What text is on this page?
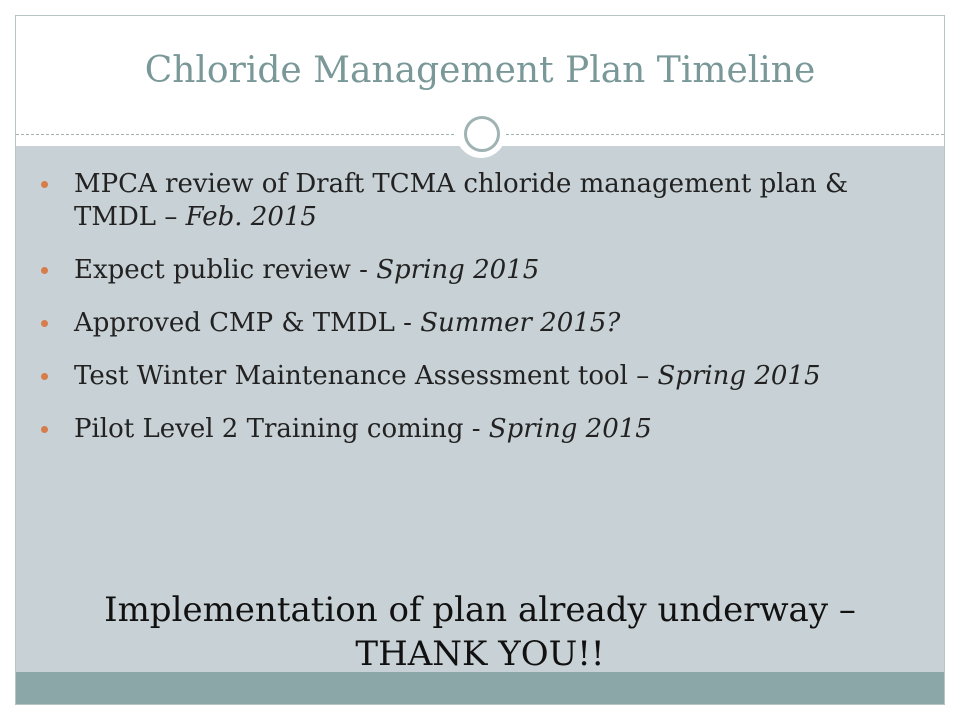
Chloride Management Plan Timeline
MPCA review of Draft TCMA chloride management plan & TMDL – Feb. 2015
Expect public review - Spring 2015
Approved CMP & TMDL - Summer 2015?
Test Winter Maintenance Assessment tool – Spring 2015
Pilot Level 2 Training coming - Spring 2015
Implementation of plan already underway –
THANK YOU!!
